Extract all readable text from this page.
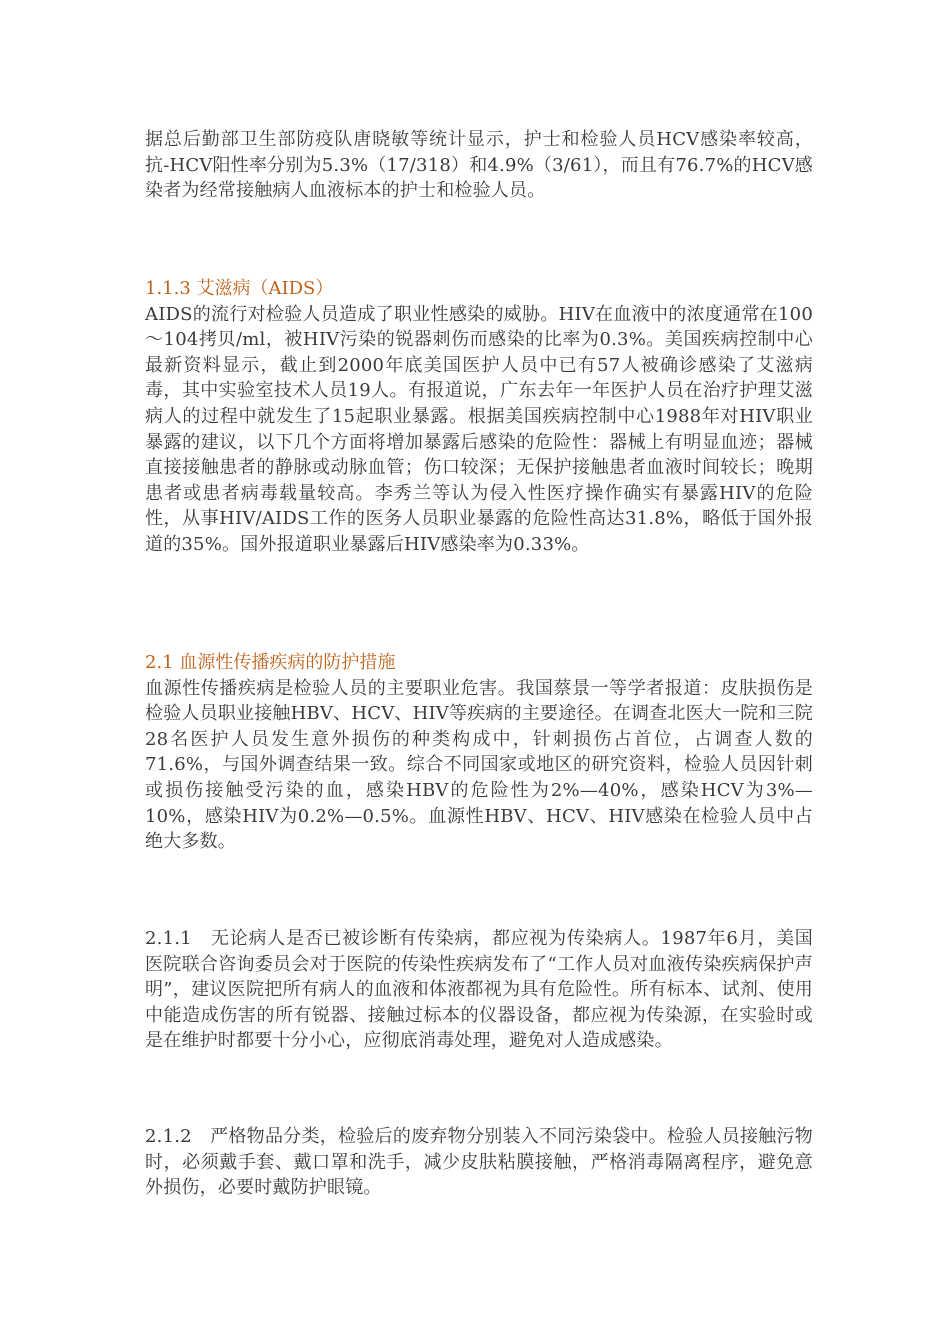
据总后勤部卫生部防疫队唐晓敏等统计显示，护士和检验人员HCV感染率较高，抗-HCV阳性率分别为5.3%（17/318）和4.9%（3/61），而且有76.7%的HCV感染者为经常接触病人血液标本的护士和检验人员。

1.1.3 艾滋病（AIDS）

AIDS的流行对检验人员造成了职业性感染的威胁。HIV在血液中的浓度通常在100～104拷贝/ml，被HIV污染的锐器刺伤而感染的比率为0.3%。美国疾病控制中心最新资料显示，截止到2000年底美国医护人员中已有57人被确诊感染了艾滋病毒，其中实验室技术人员19人。有报道说，广东去年一年医护人员在治疗护理艾滋病人的过程中就发生了15起职业暴露。根据美国疾病控制中心1988年对HIV职业暴露的建议，以下几个方面将增加暴露后感染的危险性：器械上有明显血迹；器械直接接触患者的静脉或动脉血管；伤口较深；无保护接触患者血液时间较长；晚期患者或患者病毒载量较高。李秀兰等认为侵入性医疗操作确实有暴露HIV的危险性，从事HIV/AIDS工作的医务人员职业暴露的危险性高达31.8%，略低于国外报道的35%。国外报道职业暴露后HIV感染率为0.33%。

2.1 血源性传播疾病的防护措施

血源性传播疾病是检验人员的主要职业危害。我国蔡景一等学者报道：皮肤损伤是检验人员职业接触HBV、HCV、HIV等疾病的主要途径。在调查北医大一院和三院28名医护人员发生意外损伤的种类构成中，针刺损伤占首位，占调查人数的71.6%，与国外调查结果一致。综合不同国家或地区的研究资料，检验人员因针刺或损伤接触受污染的血，感染HBV的危险性为2%—40%，感染HCV为3%—10%，感染HIV为0.2%—0.5%。血源性HBV、HCV、HIV感染在检验人员中占绝大多数。

2.1.1　无论病人是否已被诊断有传染病，都应视为传染病人。1987年6月，美国医院联合咨询委员会对于医院的传染性疾病发布了“工作人员对血液传染疾病保护声明”，建议医院把所有病人的血液和体液都视为具有危险性。所有标本、试剂、使用中能造成伤害的所有锐器、接触过标本的仪器设备，都应视为传染源，在实验时或是在维护时都要十分小心，应彻底消毒处理，避免对人造成感染。

2.1.2　严格物品分类，检验后的废弃物分别装入不同污染袋中。检验人员接触污物时，必须戴手套、戴口罩和洗手，减少皮肤粘膜接触，严格消毒隔离程序，避免意外损伤，必要时戴防护眼镜。
